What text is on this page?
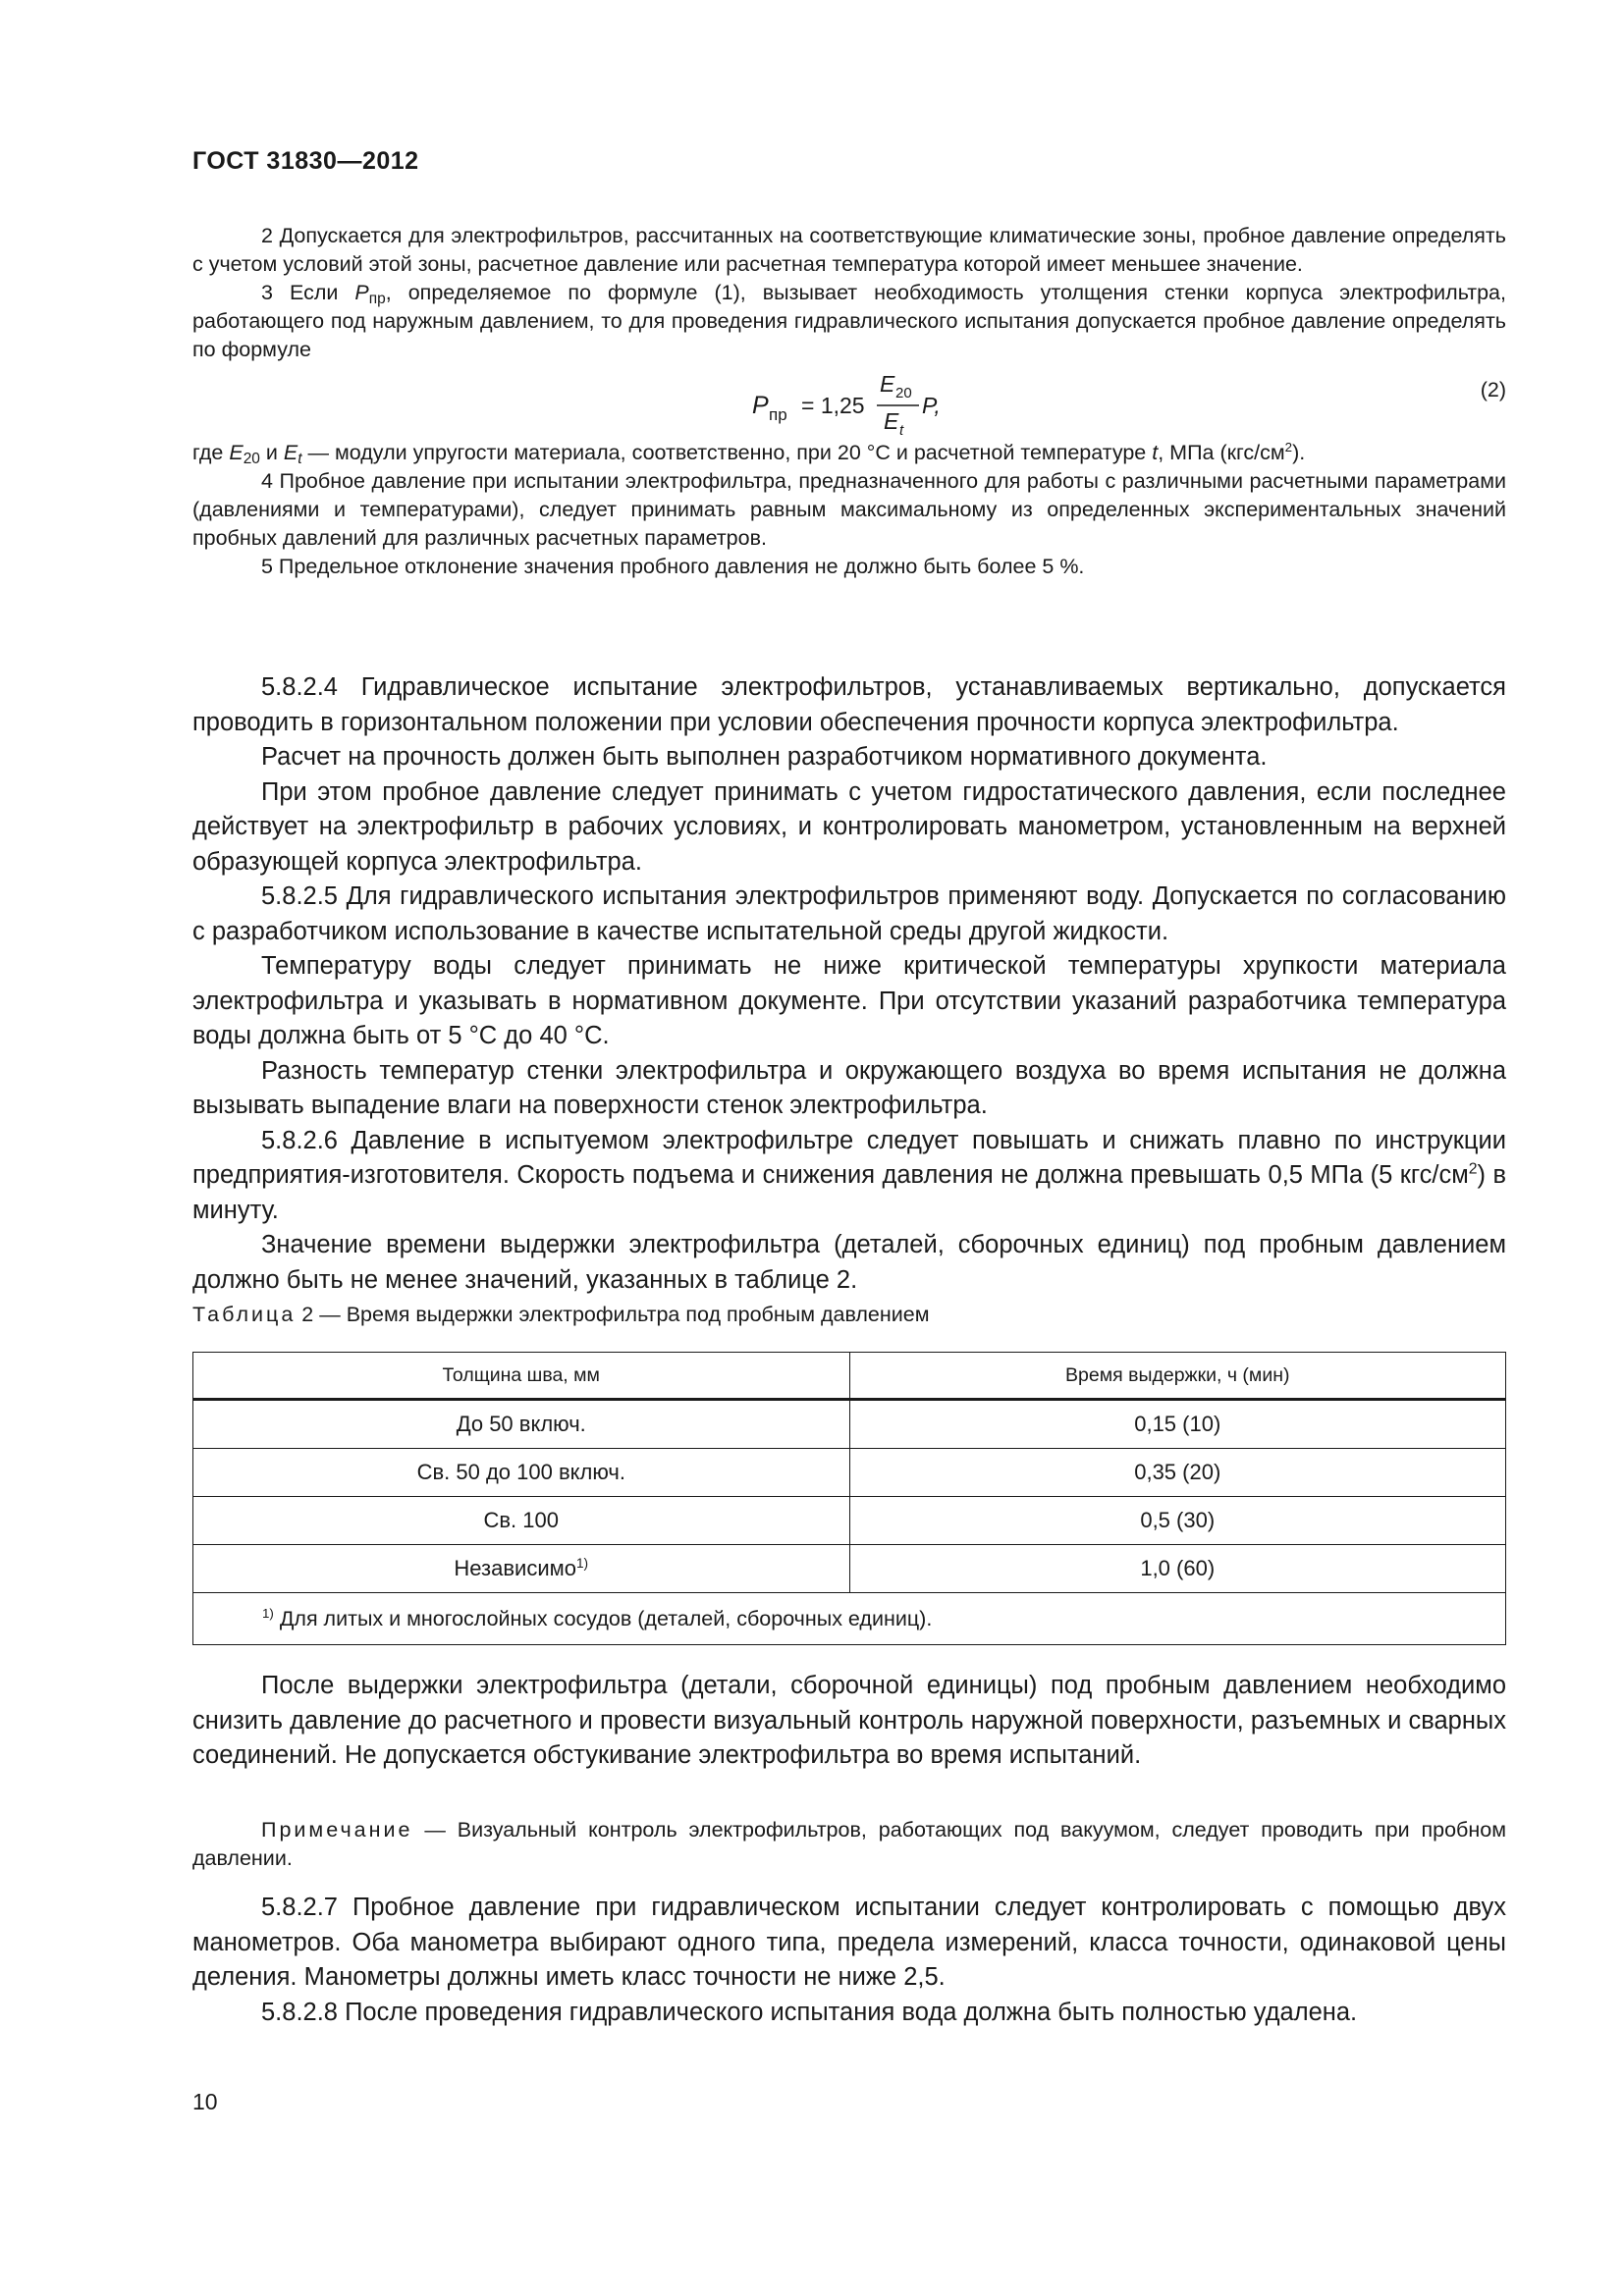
ГОСТ 31830—2012

2 Допускается для электрофильтров, рассчитанных на соответствующие климатические зоны, пробное давление определять с учетом условий этой зоны, расчетное давление или расчетная температура которой имеет меньшее значение.

3 Если $P_{пр}$, определяемое по формуле (1), вызывает необходимость утолщения стенки корпуса электрофильтра, работающего под наружным давлением, то для проведения гидравлического испытания допускается пробное давление определять по формуле

P пр = 1,25
E 20
E t
P,
(2)

где $E_{20}$ и $E_t$ — модули упругости материала, соответственно, при 20 °С и расчетной температуре t, МПа $(кгс/см^2)$.

4 Пробное давление при испытании электрофильтра, предназначенного для работы с различными расчетными параметрами (давлениями и температурами), следует принимать равным максимальному из определенных экспериментальных значений пробных давлений для различных расчетных параметров.

5 Предельное отклонение значения пробного давления не должно быть более 5 %.

5.8.2.4 Гидравлическое испытание электрофильтров, устанавливаемых вертикально, допускается проводить в горизонтальном положении при условии обеспечения прочности корпуса электрофильтра.

Расчет на прочность должен быть выполнен разработчиком нормативного документа.

При этом пробное давление следует принимать с учетом гидростатического давления, если последнее действует на электрофильтр в рабочих условиях, и контролировать манометром, установленным на верхней образующей корпуса электрофильтра.

5.8.2.5 Для гидравлического испытания электрофильтров применяют воду. Допускается по согласованию с разработчиком использование в качестве испытательной среды другой жидкости.

Температуру воды следует принимать не ниже критической температуры хрупкости материала электрофильтра и указывать в нормативном документе. При отсутствии указаний разработчика температура воды должна быть от 5 °С до 40 °С.

Разность температур стенки электрофильтра и окружающего воздуха во время испытания не должна вызывать выпадение влаги на поверхности стенок электрофильтра.

5.8.2.6 Давление в испытуемом электрофильтре следует повышать и снижать плавно по инструкции предприятия-изготовителя. Скорость подъема и снижения давления не должна превышать 0,5 МПа (5 кгс/$см^2$) в минуту.

Значение времени выдержки электрофильтра (деталей, сборочных единиц) под пробным давлением должно быть не менее значений, указанных в таблице 2.

Таблица 2 — Время выдержки электрофильтра под пробным давлением
Толщина шва, мм	Время выдержки, ч (мин)
До 50 включ.	0,15 (10)
Св. 50 до 100 включ.	0,35 (20)
Св. 100	0,5 (30)
Независимо$^{1)}$	1,0 (60)
$^{1)}$ Для литых и многослойных сосудов (деталей, сборочных единиц).	

После выдержки электрофильтра (детали, сборочной единицы) под пробным давлением необходимо снизить давление до расчетного и провести визуальный контроль наружной поверхности, разъемных и сварных соединений. Не допускается обстукивание электрофильтра во время испытаний.

Примечание — Визуальный контроль электрофильтров, работающих под вакуумом, следует проводить при пробном давлении.

5.8.2.7 Пробное давление при гидравлическом испытании следует контролировать с помощью двух манометров. Оба манометра выбирают одного типа, предела измерений, класса точности, одинаковой цены деления. Манометры должны иметь класс точности не ниже 2,5.

5.8.2.8 После проведения гидравлического испытания вода должна быть полностью удалена.

10
